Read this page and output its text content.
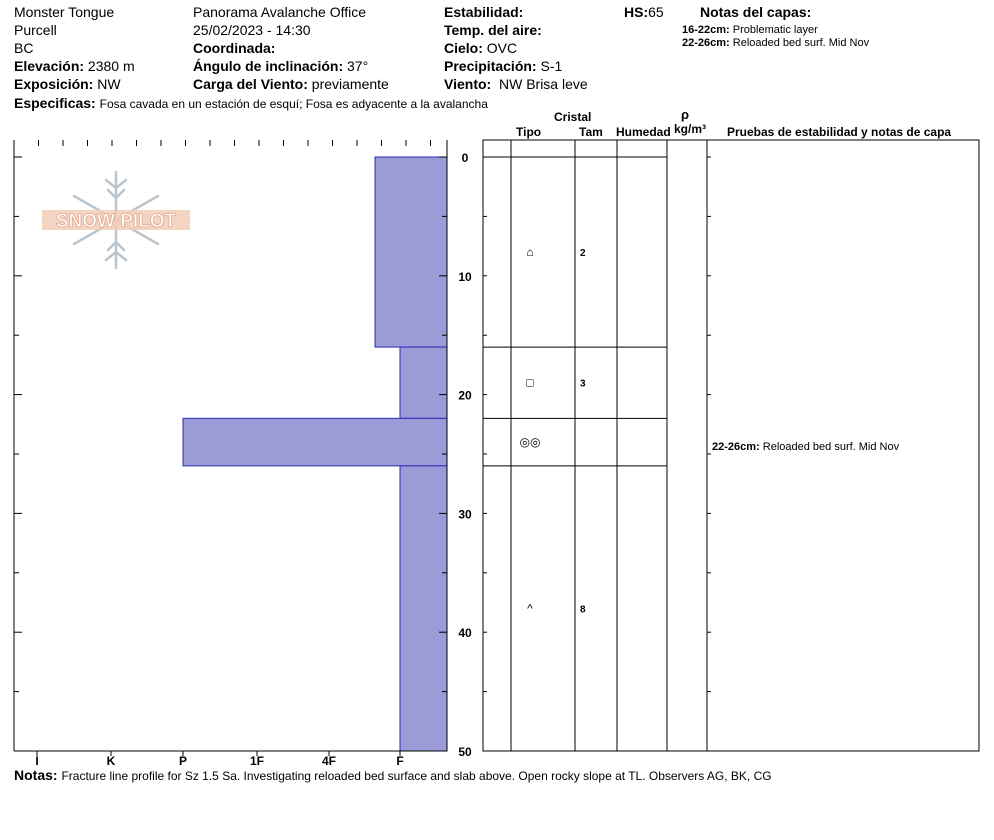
Monster Tongue
Purcell
BC
Elevación: 2380 m
Exposición: NW
Especificas: Fosa cavada en un estación de esquí; Fosa es adyacente a la avalancha
Panorama Avalanche Office
25/02/2023 - 14:30
Coordinada:
Ángulo de inclinación: 37°
Carga del Viento: previamente
Estabilidad:
Temp. del aire:
Cielo: OVC
Precipitación: S-1
Viento: NW Brisa leve
HS:65	Notas del capas:
16-22cm: Problematic layer
22-26cm: Reloaded bed surf. Mid Nov
Cristal
Tipo	Tam Humedad
ρ
kg/m³ Pruebas de estabilidad y notas de capa
SNOW PILOT
0
10
20
30
40
50
I	K	P	1F	4F	F
⌂	2
□	3
◎◎
^	8
22-26cm: Reloaded bed surf. Mid Nov
Notas: Fracture line profile for Sz 1.5 Sa. Investigating reloaded bed surface and slab above. Open rocky slope at TL. Observers AG, BK, CG
